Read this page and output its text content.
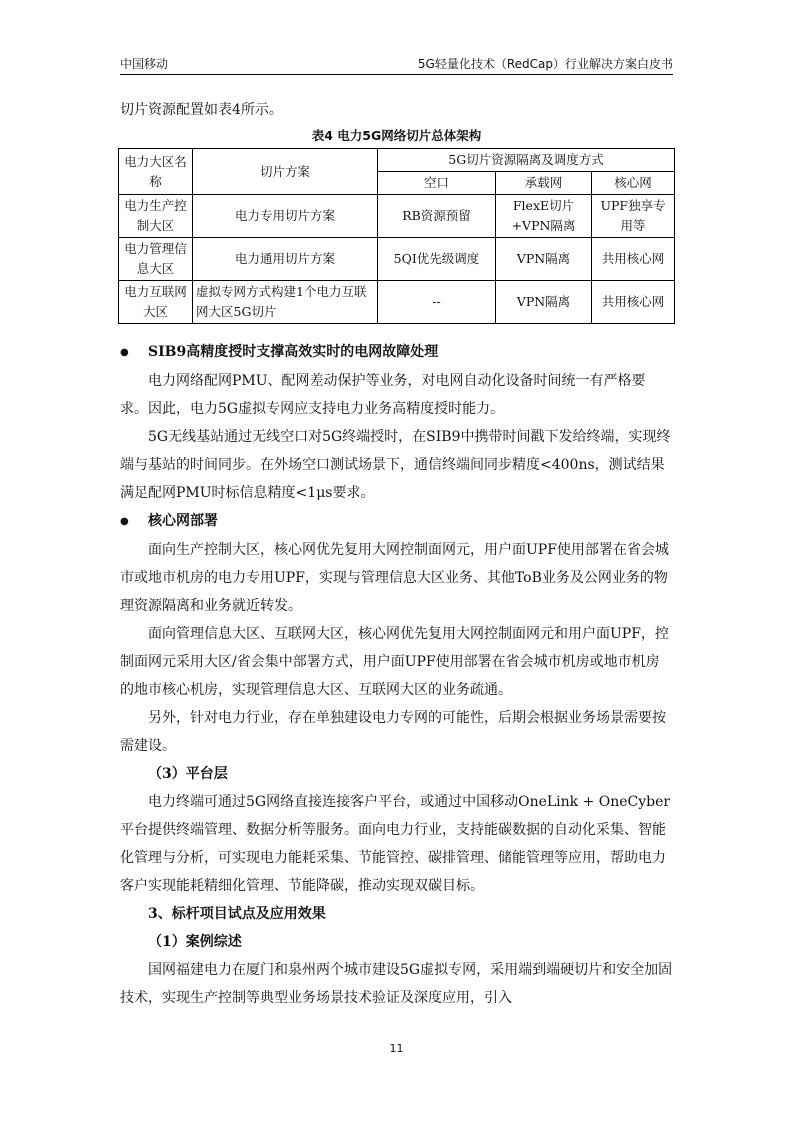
中国移动	5G轻量化技术（RedCap）行业解决方案白皮书

切片资源配置如表4所示。

表4 电力5G网络切片总体架构

电力大区名称	切片方案	5G切片资源隔离及调度方式		
		空口	承载网	核心网
电力生产控制大区	电力专用切片方案	RB资源预留	FlexE切片+VPN隔离	UPF独享专用等
电力管理信息大区	电力通用切片方案	5QI优先级调度	VPN隔离	共用核心网
电力互联网大区	虚拟专网方式构建1个电力互联网大区5G切片	--	VPN隔离	共用核心网

● SIB9高精度授时支撑高效实时的电网故障处理

电力网络配网PMU、配网差动保护等业务，对电网自动化设备时间统一有严格要求。因此，电力5G虚拟专网应支持电力业务高精度授时能力。

5G无线基站通过无线空口对5G终端授时，在SIB9中携带时间戳下发给终端，实现终端与基站的时间同步。在外场空口测试场景下，通信终端间同步精度<400ns，测试结果满足配网PMU时标信息精度<1μs要求。

● 核心网部署

面向生产控制大区，核心网优先复用大网控制面网元，用户面UPF使用部署在省会城市或地市机房的电力专用UPF，实现与管理信息大区业务、其他ToB业务及公网业务的物理资源隔离和业务就近转发。

面向管理信息大区、互联网大区，核心网优先复用大网控制面网元和用户面UPF，控制面网元采用大区/省会集中部署方式，用户面UPF使用部署在省会城市机房或地市机房的地市核心机房，实现管理信息大区、互联网大区的业务疏通。

另外，针对电力行业，存在单独建设电力专网的可能性，后期会根据业务场景需要按需建设。

（3）平台层

电力终端可通过5G网络直接连接客户平台，或通过中国移动OneLink + OneCyber平台提供终端管理、数据分析等服务。面向电力行业，支持能碳数据的自动化采集、智能化管理与分析，可实现电力能耗采集、节能管控、碳排管理、储能管理等应用，帮助电力客户实现能耗精细化管理、节能降碳，推动实现双碳目标。

3、标杆项目试点及应用效果

（1）案例综述

国网福建电力在厦门和泉州两个城市建设5G虚拟专网，采用端到端硬切片和安全加固技术，实现生产控制等典型业务场景技术验证及深度应用，引入

11
